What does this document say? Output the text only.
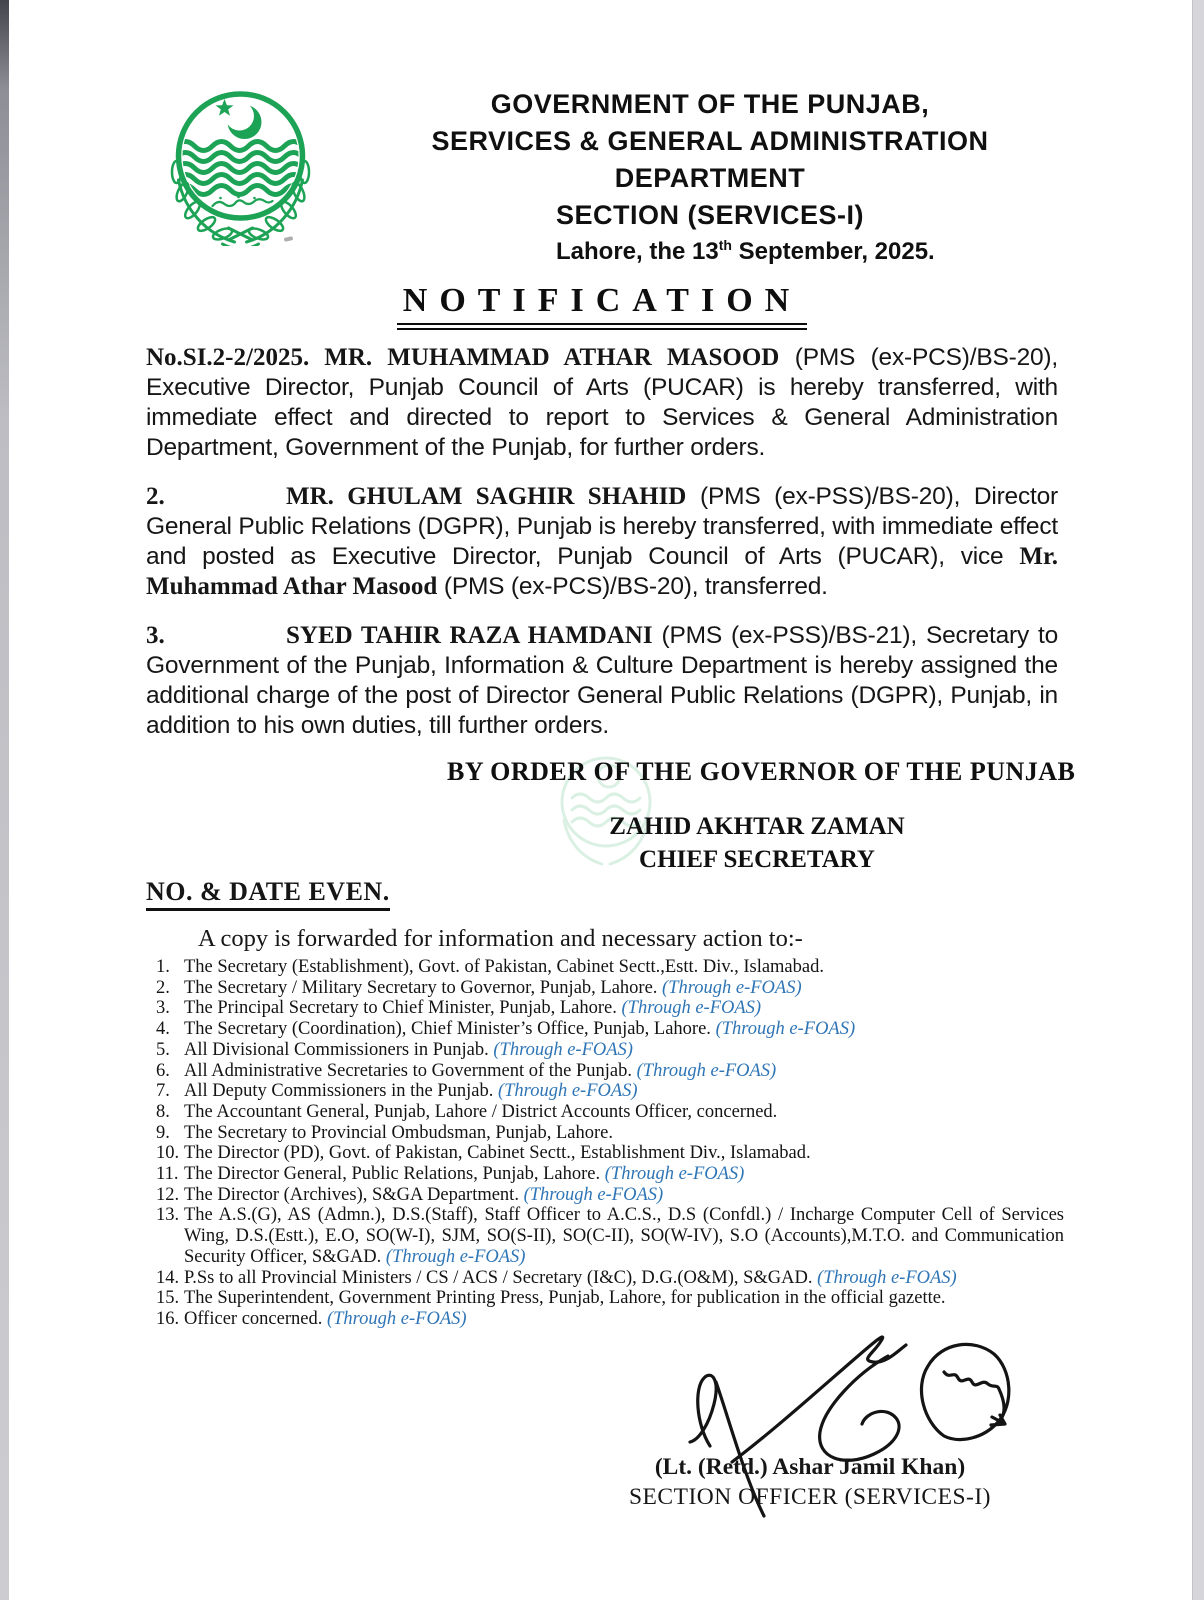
GOVERNMENT OF THE PUNJAB,
SERVICES & GENERAL ADMINISTRATION
DEPARTMENT
SECTION (SERVICES-I)
Lahore, the 13th September, 2025.
NOTIFICATION

No.SI.2-2/2025. MR. MUHAMMAD ATHAR MASOOD (PMS (ex-PCS)/BS-20), Executive Director, Punjab Council of Arts (PUCAR) is hereby transferred, with immediate effect and directed to report to Services & General Administration Department, Government of the Punjab, for further orders.

2.	MR. GHULAM SAGHIR SHAHID (PMS (ex-PSS)/BS-20), Director General Public Relations (DGPR), Punjab is hereby transferred, with immediate effect and posted as Executive Director, Punjab Council of Arts (PUCAR), vice Mr. Muhammad Athar Masood (PMS (ex-PCS)/BS-20), transferred.

3.	SYED TAHIR RAZA HAMDANI (PMS (ex-PSS)/BS-21), Secretary to Government of the Punjab, Information & Culture Department is hereby assigned the additional charge of the post of Director General Public Relations (DGPR), Punjab, in addition to his own duties, till further orders.

BY ORDER OF THE GOVERNOR OF THE PUNJAB
ZAHID AKHTAR ZAMAN
CHIEF SECRETARY
NO. & DATE EVEN.
A copy is forwarded for information and necessary action to:-
1. The Secretary (Establishment), Govt. of Pakistan, Cabinet Sectt.,Estt. Div., Islamabad.
2. The Secretary / Military Secretary to Governor, Punjab, Lahore. (Through e-FOAS)
3. The Principal Secretary to Chief Minister, Punjab, Lahore. (Through e-FOAS)
4. The Secretary (Coordination), Chief Minister’s Office, Punjab, Lahore. (Through e-FOAS)
5. All Divisional Commissioners in Punjab. (Through e-FOAS)
6. All Administrative Secretaries to Government of the Punjab. (Through e-FOAS)
7. All Deputy Commissioners in the Punjab. (Through e-FOAS)
8. The Accountant General, Punjab, Lahore / District Accounts Officer, concerned.
9. The Secretary to Provincial Ombudsman, Punjab, Lahore.
10. The Director (PD), Govt. of Pakistan, Cabinet Sectt., Establishment Div., Islamabad.
11. The Director General, Public Relations, Punjab, Lahore. (Through e-FOAS)
12. The Director (Archives), S&GA Department. (Through e-FOAS)
13. The A.S.(G), AS (Admn.), D.S.(Staff), Staff Officer to A.C.S., D.S (Confdl.) / Incharge Computer Cell of Services Wing, D.S.(Estt.), E.O, SO(W-I), SJM, SO(S-II), SO(C-II), SO(W-IV), S.O (Accounts),M.T.O. and Communication Security Officer, S&GAD. (Through e-FOAS)
14. P.Ss to all Provincial Ministers / CS / ACS / Secretary (I&C), D.G.(O&M), S&GAD. (Through e-FOAS)
15. The Superintendent, Government Printing Press, Punjab, Lahore, for publication in the official gazette.
16. Officer concerned. (Through e-FOAS)
(Lt. (Retd.) Ashar Jamil Khan)
SECTION OFFICER (SERVICES-I)
